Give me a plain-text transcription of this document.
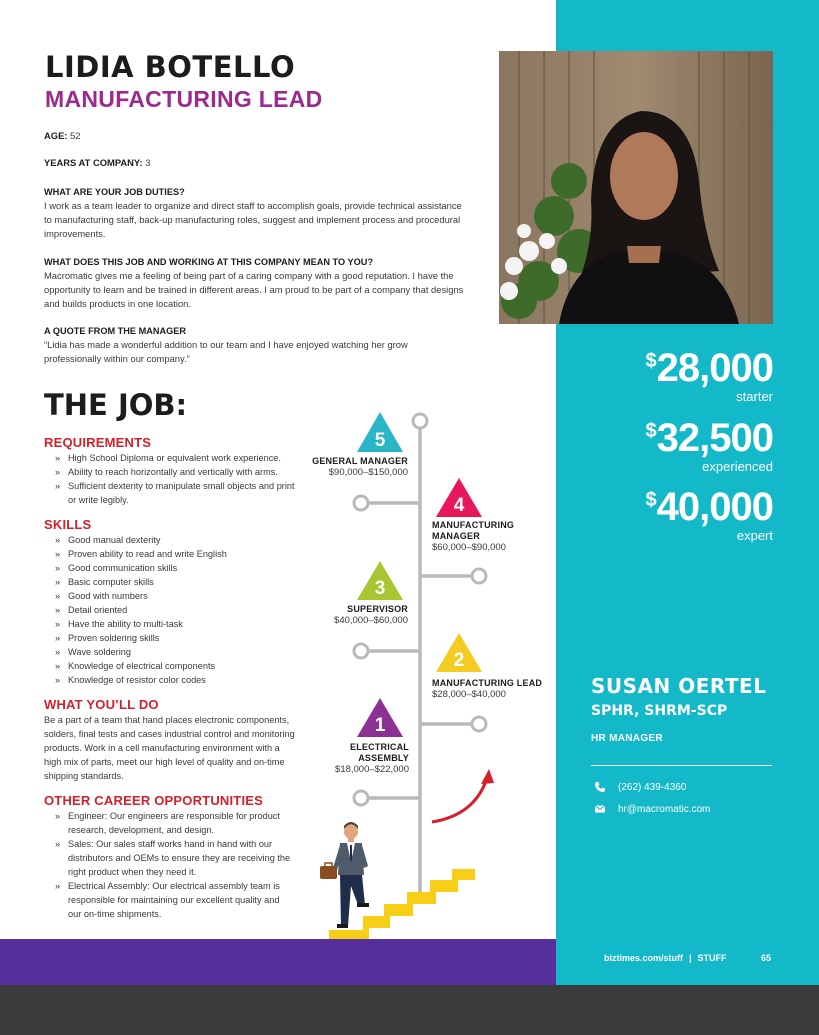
LIDIA BOTELLO
MANUFACTURING LEAD
AGE: 52
YEARS AT COMPANY: 3
WHAT ARE YOUR JOB DUTIES?
I work as a team leader to organize and direct staff to accomplish goals, provide technical assistance to manufacturing staff, back-up manufacturing roles, suggest and implement process and procedural improvements.
WHAT DOES THIS JOB AND WORKING AT THIS COMPANY MEAN TO YOU?
Macromatic gives me a feeling of being part of a caring company with a good reputation. I have the opportunity to learn and be trained in different areas. I am proud to be part of a company that designs and builds products in one location.
A QUOTE FROM THE MANAGER
“Lidia has made a wonderful addition to our team and I have enjoyed watching her grow professionally within our company.”	$28,000
starter
$32,500
experienced
$40,000
expert
THE JOB:
REQUIREMENTS
» High School Diploma or equivalent work experience.
» Ability to reach horizontally and vertically with arms.
» Sufficient dexterity to manipulate small objects and print or write legibly.
SKILLS
» Good manual dexterity
» Proven ability to read and write English
» Good communication skills
» Basic computer skills
» Good with numbers
» Detail oriented
» Have the ability to multi-task
» Proven soldering skills
» Wave soldering
» Knowledge of electrical components
» Knowledge of resistor color codes
WHAT YOU’LL DO
Be a part of a team that hand places electronic components, solders, final tests and cases industrial control and monitoring products. Work in a cell manufacturing environment with a high mix of parts, meet our high level of quality and on-time shipping standards.
OTHER CAREER OPPORTUNITIES
» Engineer: Our engineers are responsible for product research, development, and design.
» Sales: Our sales staff works hand in hand with our distributors and OEMs to ensure they are receiving the right product when they need it.
» Electrical Assembly: Our electrical assembly team is responsible for maintaining our excellent quality and our on-time shipments.
5
4
3
2
1
GENERAL MANAGER
$90,000–$150,000
MANUFACTURING MANAGER
$60,000–$90,000
SUPERVISOR
$40,000–$60,000
MANUFACTURING LEAD
$28,000–$40,000
ELECTRICAL ASSEMBLY
$18,000–$22,000
SUSAN OERTEL
SPHR, SHRM-SCP
HR MANAGER
(262) 439-4360
hr@macromatic.com
biztimes.com/stuff | STUFF	65
